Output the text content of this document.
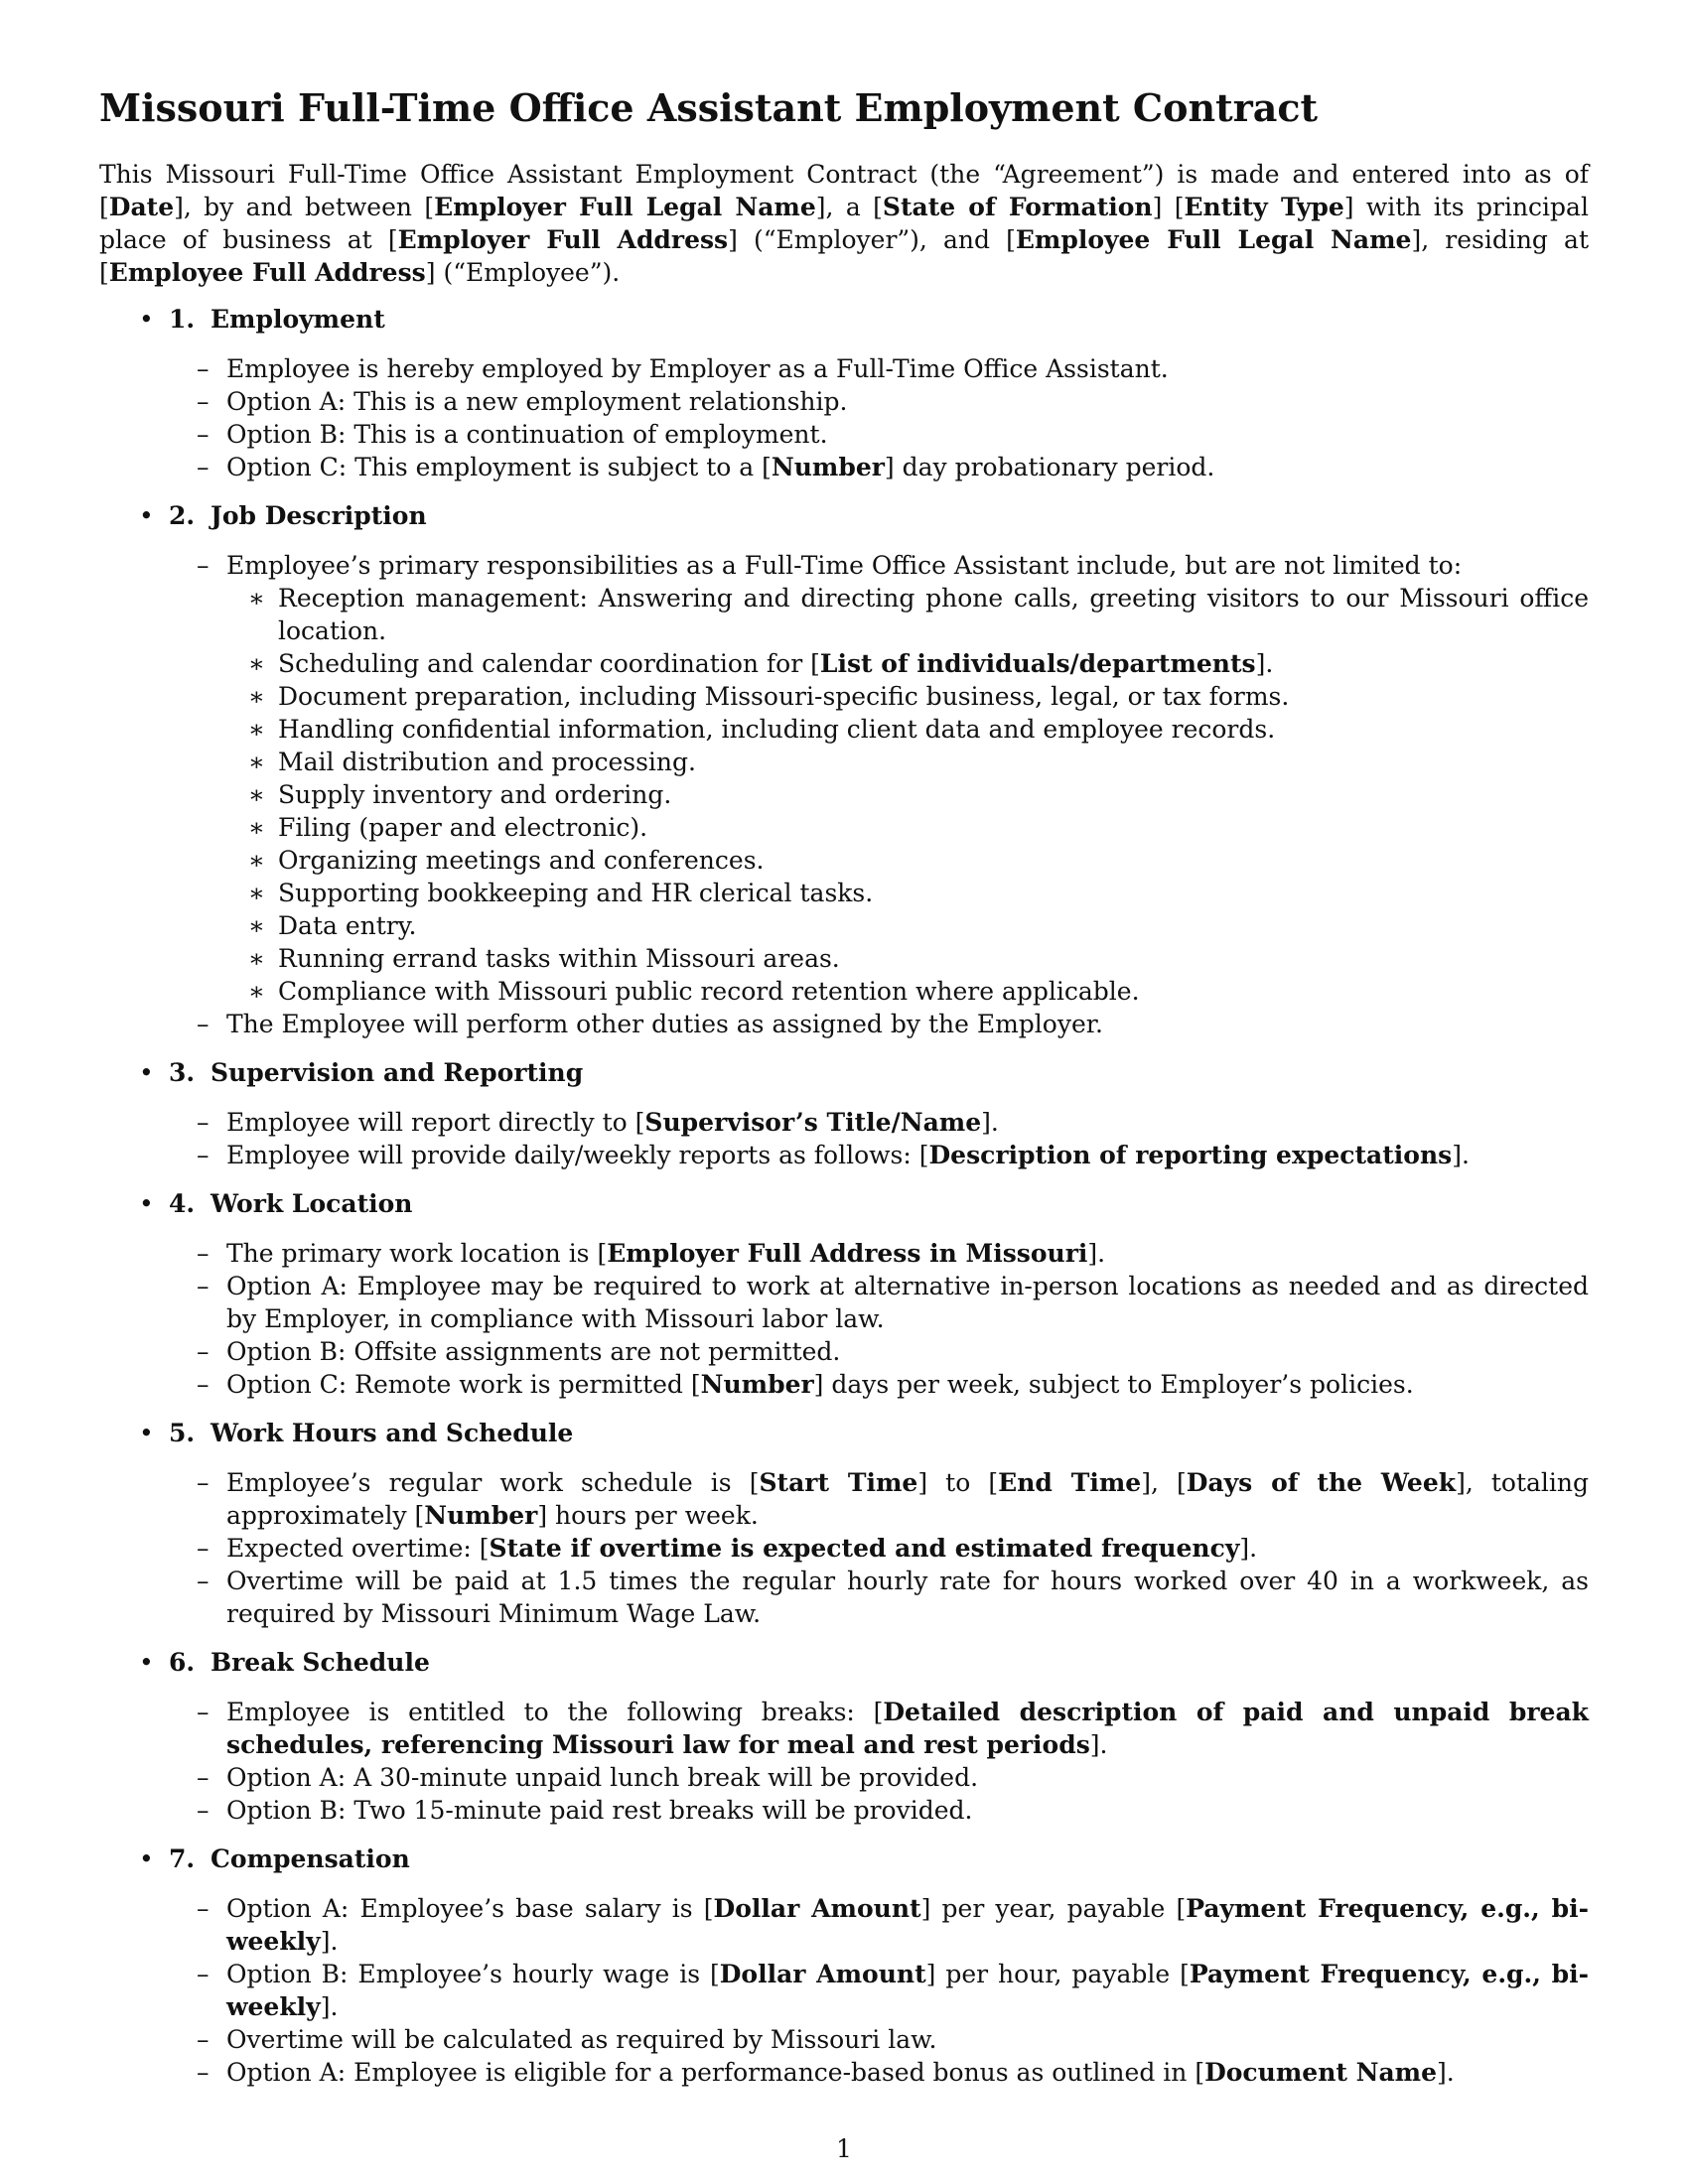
Missouri Full-Time Office Assistant Employment Contract

This Missouri Full-Time Office Assistant Employment Contract (the “Agreement”) is made and entered into as of [Date], by and between [Employer Full Legal Name], a [State of Formation] [Entity Type] with its principal place of business at [Employer Full Address] (“Employer”), and [Employee Full Legal Name], residing at [Employee Full Address] (“Employee”).

• 1. Employment
– Employee is hereby employed by Employer as a Full-Time Office Assistant.
– Option A: This is a new employment relationship.
– Option B: This is a continuation of employment.
– Option C: This employment is subject to a [Number] day probationary period.
• 2. Job Description
– Employee’s primary responsibilities as a Full-Time Office Assistant include, but are not limited to:
∗ Reception management: Answering and directing phone calls, greeting visitors to our Missouri office location.
∗ Scheduling and calendar coordination for [List of individuals/departments].
∗ Document preparation, including Missouri-specific business, legal, or tax forms.
∗ Handling confidential information, including client data and employee records.
∗ Mail distribution and processing.
∗ Supply inventory and ordering.
∗ Filing (paper and electronic).
∗ Organizing meetings and conferences.
∗ Supporting bookkeeping and HR clerical tasks.
∗ Data entry.
∗ Running errand tasks within Missouri areas.
∗ Compliance with Missouri public record retention where applicable.
– The Employee will perform other duties as assigned by the Employer.
• 3. Supervision and Reporting
– Employee will report directly to [Supervisor’s Title/Name].
– Employee will provide daily/weekly reports as follows: [Description of reporting expectations].
• 4. Work Location
– The primary work location is [Employer Full Address in Missouri].
– Option A: Employee may be required to work at alternative in-person locations as needed and as directed by Employer, in compliance with Missouri labor law.
– Option B: Offsite assignments are not permitted.
– Option C: Remote work is permitted [Number] days per week, subject to Employer’s policies.
• 5. Work Hours and Schedule
– Employee’s regular work schedule is [Start Time] to [End Time], [Days of the Week], totaling approximately [Number] hours per week.
– Expected overtime: [State if overtime is expected and estimated frequency].
– Overtime will be paid at 1.5 times the regular hourly rate for hours worked over 40 in a workweek, as required by Missouri Minimum Wage Law.
• 6. Break Schedule
– Employee is entitled to the following breaks: [Detailed description of paid and unpaid break schedules, referencing Missouri law for meal and rest periods].
– Option A: A 30-minute unpaid lunch break will be provided.
– Option B: Two 15-minute paid rest breaks will be provided.
• 7. Compensation
– Option A: Employee’s base salary is [Dollar Amount] per year, payable [Payment Frequency, e.g., bi-weekly].
– Option B: Employee’s hourly wage is [Dollar Amount] per hour, payable [Payment Frequency, e.g., bi-weekly].
– Overtime will be calculated as required by Missouri law.
– Option A: Employee is eligible for a performance-based bonus as outlined in [Document Name].
1
